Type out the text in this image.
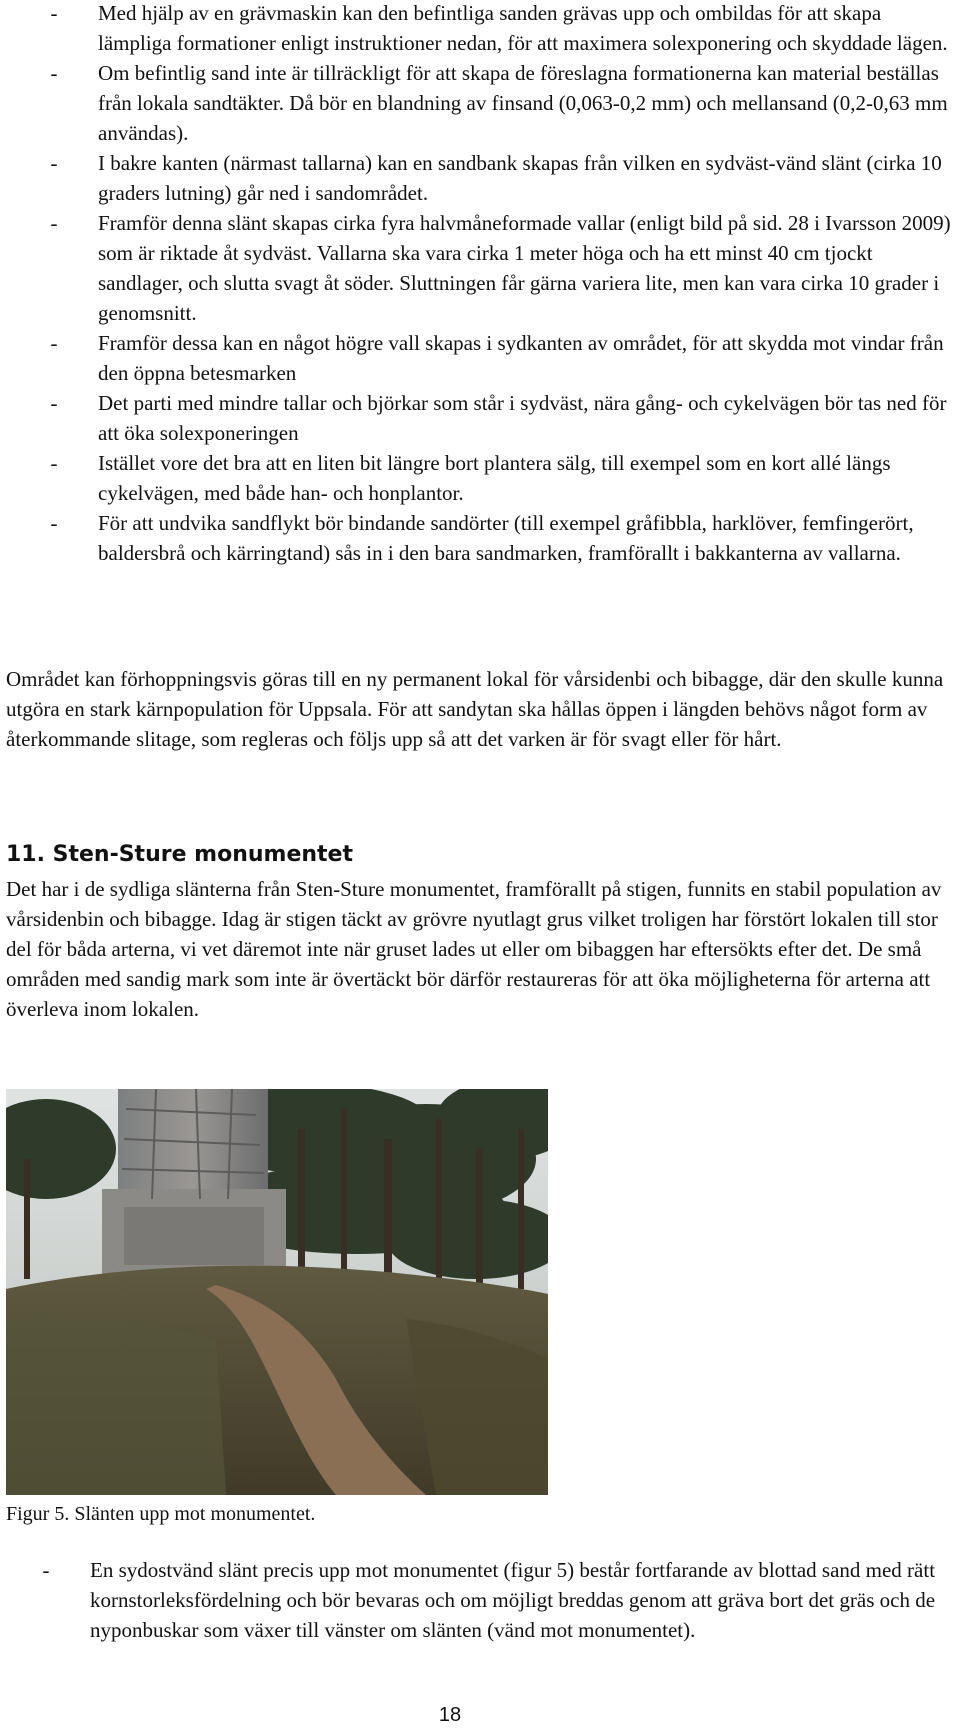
-	Med hjälp av en grävmaskin kan den befintliga sanden grävas upp och ombildas för att skapa lämpliga formationer enligt instruktioner nedan, för att maximera solexponering och skyddade lägen.
-	Om befintlig sand inte är tillräckligt för att skapa de föreslagna formationerna kan material beställas från lokala sandtäkter. Då bör en blandning av finsand (0,063-0,2 mm) och mellansand (0,2-0,63 mm användas).
-	I bakre kanten (närmast tallarna) kan en sandbank skapas från vilken en sydväst-vänd slänt (cirka 10 graders lutning) går ned i sandområdet.
-	Framför denna slänt skapas cirka fyra halvmåneformade vallar (enligt bild på sid. 28 i Ivarsson 2009) som är riktade åt sydväst. Vallarna ska vara cirka 1 meter höga och ha ett minst 40 cm tjockt sandlager, och slutta svagt åt söder. Sluttningen får gärna variera lite, men kan vara cirka 10 grader i genomsnitt.
-	Framför dessa kan en något högre vall skapas i sydkanten av området, för att skydda mot vindar från den öppna betesmarken
-	Det parti med mindre tallar och björkar som står i sydväst, nära gång- och cykelvägen bör tas ned för att öka solexponeringen
-	Istället vore det bra att en liten bit längre bort plantera sälg, till exempel som en kort allé längs cykelvägen, med både han- och honplantor.
-	För att undvika sandflykt bör bindande sandörter (till exempel gråfibbla, harklöver, femfingerört, baldersbrå och kärringtand) sås in i den bara sandmarken, framförallt i bakkanterna av vallarna.

Området kan förhoppningsvis göras till en ny permanent lokal för vårsidenbi och bibagge, där den skulle kunna utgöra en stark kärnpopulation för Uppsala. För att sandytan ska hållas öppen i längden behövs något form av återkommande slitage, som regleras och följs upp så att det varken är för svagt eller för hårt.

11. Sten-Sture monumentet

Det har i de sydliga slänterna från Sten-Sture monumentet, framförallt på stigen, funnits en stabil population av vårsidenbin och bibagge. Idag är stigen täckt av grövre nyutlagt grus vilket troligen har förstört lokalen till stor del för båda arterna, vi vet däremot inte när gruset lades ut eller om bibaggen har eftersökts efter det. De små områden med sandig mark som inte är övertäckt bör därför restaureras för att öka möjligheterna för arterna att överleva inom lokalen.

Figur 5. Slänten upp mot monumentet.

-	En sydostvänd slänt precis upp mot monumentet (figur 5) består fortfarande av blottad sand med rätt kornstorleksfördelning och bör bevaras och om möjligt breddas genom att gräva bort det gräs och de nyponbuskar som växer till vänster om slänten (vänd mot monumentet).
18
